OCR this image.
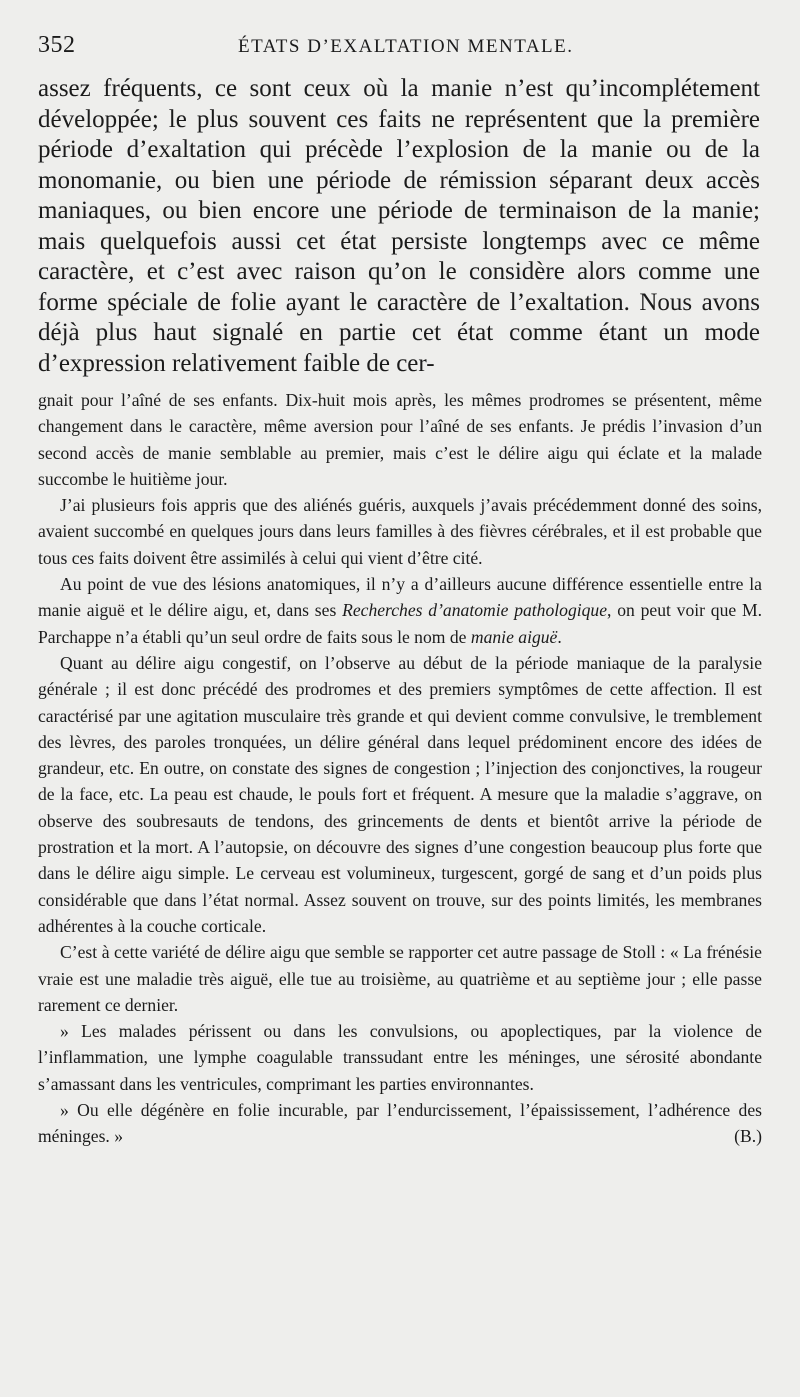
352	ÉTATS D’EXALTATION MENTALE.

assez fréquents, ce sont ceux où la manie n’est qu’incomplétement développée; le plus souvent ces faits ne représentent que la première période d’exaltation qui précède l’explosion de la manie ou de la monomanie, ou bien une période de rémission séparant deux accès maniaques, ou bien encore une période de terminaison de la manie; mais quelquefois aussi cet état persiste longtemps avec ce même caractère, et c’est avec raison qu’on le considère alors comme une forme spéciale de folie ayant le caractère de l’exaltation. Nous avons déjà plus haut signalé en partie cet état comme étant un mode d’expression relativement faible de cer-

gnait pour l’aîné de ses enfants. Dix-huit mois après, les mêmes prodromes se présentent, même changement dans le caractère, même aversion pour l’aîné de ses enfants. Je prédis l’invasion d’un second accès de manie semblable au premier, mais c’est le délire aigu qui éclate et la malade succombe le huitième jour.

J’ai plusieurs fois appris que des aliénés guéris, auxquels j’avais précédemment donné des soins, avaient succombé en quelques jours dans leurs familles à des fièvres cérébrales, et il est probable que tous ces faits doivent être assimilés à celui qui vient d’être cité.

Au point de vue des lésions anatomiques, il n’y a d’ailleurs aucune différence essentielle entre la manie aiguë et le délire aigu, et, dans ses Recherches d’anatomie pathologique, on peut voir que M. Parchappe n’a établi qu’un seul ordre de faits sous le nom de manie aiguë.

Quant au délire aigu congestif, on l’observe au début de la période maniaque de la paralysie générale ; il est donc précédé des prodromes et des premiers symptômes de cette affection. Il est caractérisé par une agitation musculaire très grande et qui devient comme convulsive, le tremblement des lèvres, des paroles tronquées, un délire général dans lequel prédominent encore des idées de grandeur, etc. En outre, on constate des signes de congestion ; l’injection des conjonctives, la rougeur de la face, etc. La peau est chaude, le pouls fort et fréquent. A mesure que la maladie s’aggrave, on observe des soubresauts de tendons, des grincements de dents et bientôt arrive la période de prostration et la mort. A l’autopsie, on découvre des signes d’une congestion beaucoup plus forte que dans le délire aigu simple. Le cerveau est volumineux, turgescent, gorgé de sang et d’un poids plus considérable que dans l’état normal. Assez souvent on trouve, sur des points limités, les membranes adhérentes à la couche corticale.

C’est à cette variété de délire aigu que semble se rapporter cet autre passage de Stoll : « La frénésie vraie est une maladie très aiguë, elle tue au troisième, au quatrième et au septième jour ; elle passe rarement ce dernier.

» Les malades périssent ou dans les convulsions, ou apoplectiques, par la violence de l’inflammation, une lymphe coagulable transsudant entre les méninges, une sérosité abondante s’amassant dans les ventricules, comprimant les parties environnantes.

» Ou elle dégénère en folie incurable, par l’endurcissement, l’épaississement, l’adhérence des méninges. »	(B.)
